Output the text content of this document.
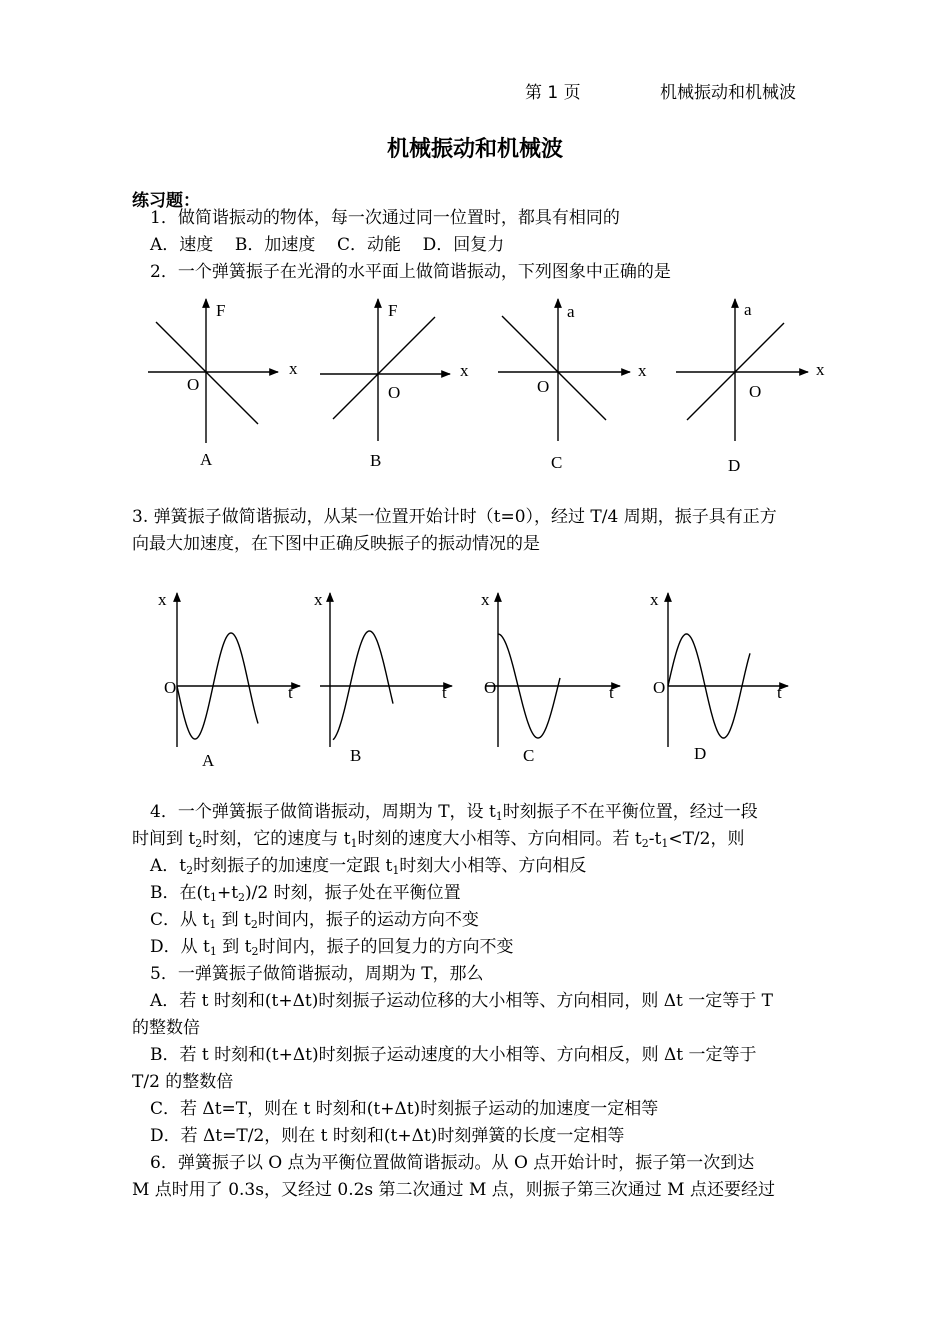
第 1 页	机械振动和机械波
机械振动和机械波
练习题：
1．做简谐振动的物体，每一次通过同一位置时，都具有相同的
A．速度    B．加速度    C．动能    D．回复力
2．一个弹簧振子在光滑的水平面上做简谐振动，下列图象中正确的是
F
x
O
A
F
x
O
B
a
x
O
C
a
x
O
D
3. 弹簧振子做简谐振动，从某一位置开始计时（t=0），经过 T/4 周期，振子具有正方
向最大加速度，在下图中正确反映振子的振动情况的是
x
t
O
A
x
t
B
x
t
O
C
x
t
O
D
4．一个弹簧振子做简谐振动，周期为 T，设 $t_1$时刻振子不在平衡位置，经过一段
时间到 $t_2$时刻，它的速度与 $t_1$时刻的速度大小相等、方向相同。若 $t_2-t_1<T/2$，则
A．$t_2$时刻振子的加速度一定跟 $t_1$时刻大小相等、方向相反
B．在$(t_1+t_2)/2$ 时刻，振子处在平衡位置
C．从 $t_1$ 到 $t_2$时间内，振子的运动方向不变
D．从 $t_1$ 到 $t_2$时间内，振子的回复力的方向不变
5．一弹簧振子做简谐振动，周期为 T，那么
A．若 t 时刻和(t+Δt)时刻振子运动位移的大小相等、方向相同，则 Δt 一定等于 T
的整数倍
B．若 t 时刻和(t+Δt)时刻振子运动速度的大小相等、方向相反，则 Δt 一定等于
T/2 的整数倍
C．若 Δt=T，则在 t 时刻和(t+Δt)时刻振子运动的加速度一定相等
D．若 Δt=T/2，则在 t 时刻和(t+Δt)时刻弹簧的长度一定相等
6．弹簧振子以 O 点为平衡位置做简谐振动。从 O 点开始计时，振子第一次到达
M 点时用了 0.3s，又经过 0.2s 第二次通过 M 点，则振子第三次通过 M 点还要经过
